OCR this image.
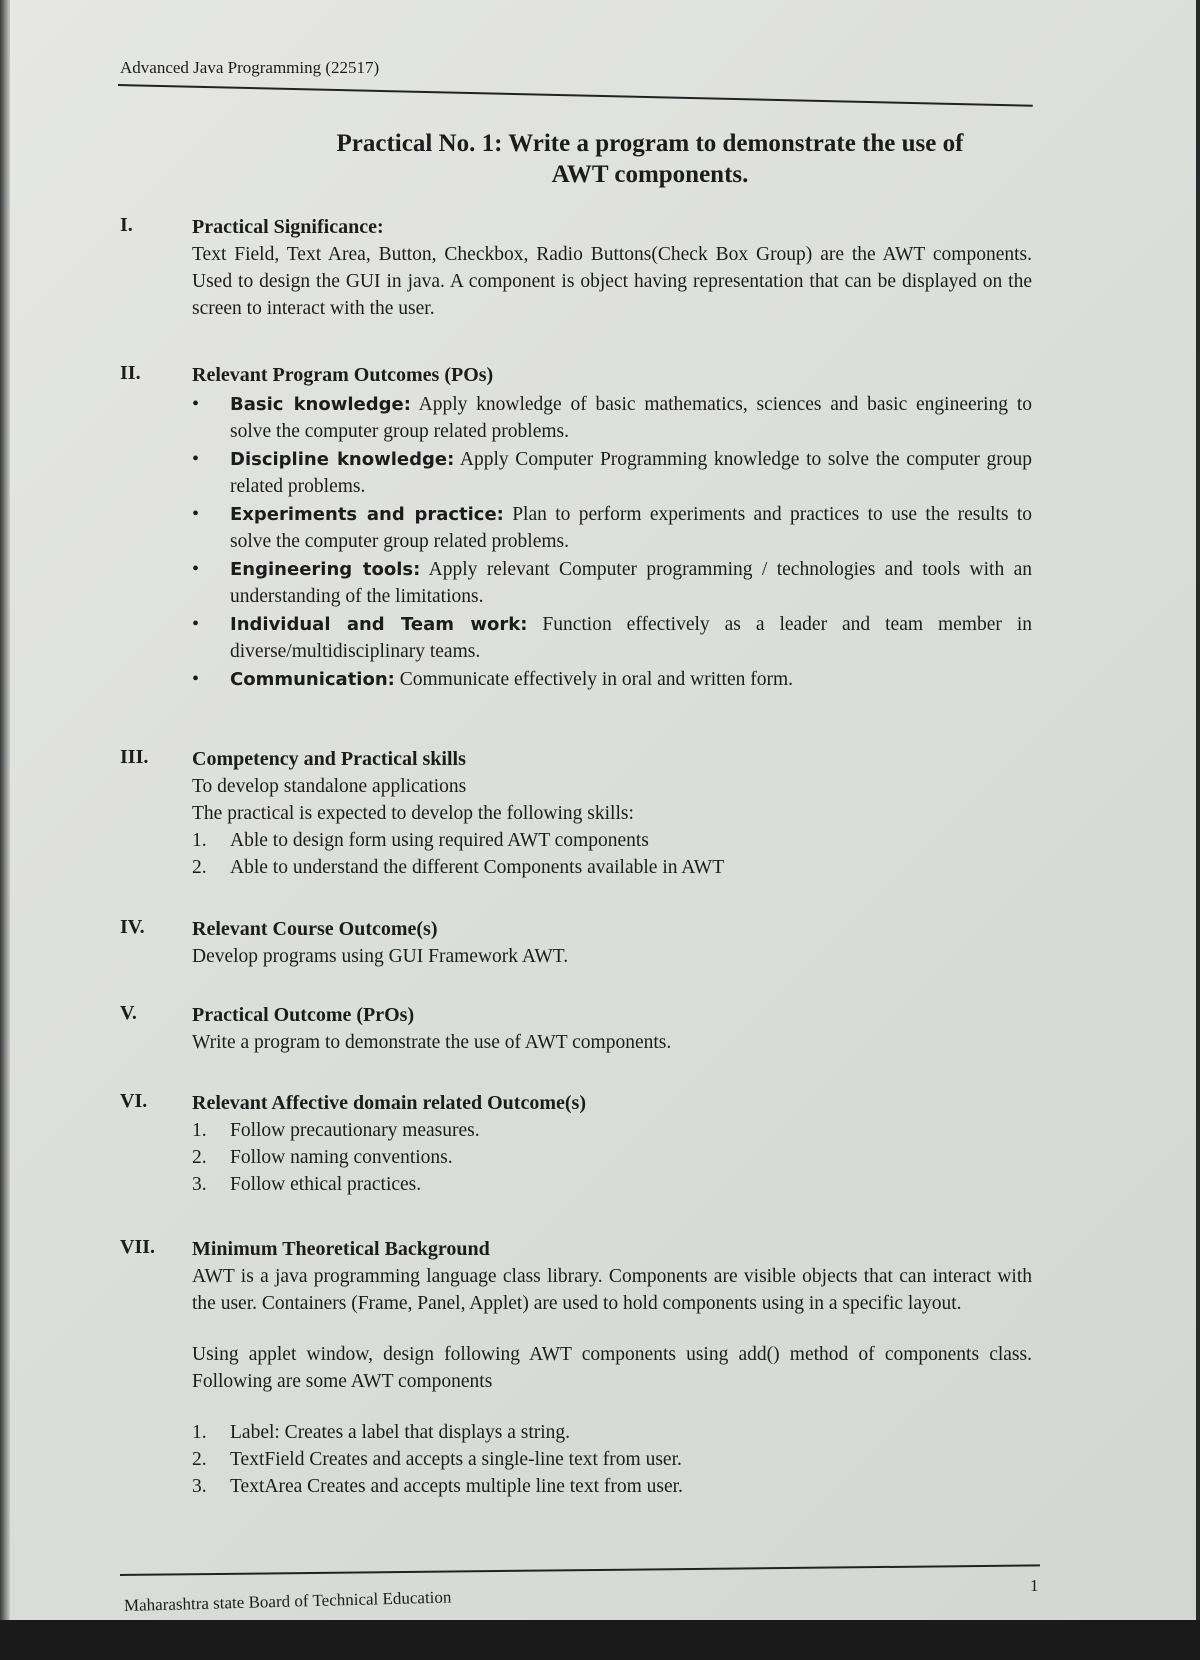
Advanced Java Programming (22517)
Practical No. 1: Write a program to demonstrate the use of
AWT components.
I.	Practical Significance:
Text Field, Text Area, Button, Checkbox, Radio Buttons(Check Box Group) are the AWT components. Used to design the GUI in java. A component is object having representation that can be displayed on the screen to interact with the user.
II.	Relevant Program Outcomes (POs)
• Basic knowledge: Apply knowledge of basic mathematics, sciences and basic engineering to solve the computer group related problems.
• Discipline knowledge: Apply Computer Programming knowledge to solve the computer group related problems.
• Experiments and practice: Plan to perform experiments and practices to use the results to solve the computer group related problems.
• Engineering tools: Apply relevant Computer programming / technologies and tools with an understanding of the limitations.
• Individual and Team work: Function effectively as a leader and team member in diverse/multidisciplinary teams.
• Communication: Communicate effectively in oral and written form.
III.	Competency and Practical skills
To develop standalone applications
The practical is expected to develop the following skills:
1. Able to design form using required AWT components
2. Able to understand the different Components available in AWT
IV.	Relevant Course Outcome(s)
Develop programs using GUI Framework AWT.
V.	Practical Outcome (PrOs)
Write a program to demonstrate the use of AWT components.
VI.	Relevant Affective domain related Outcome(s)
1. Follow precautionary measures.
2. Follow naming conventions.
3. Follow ethical practices.
VII.	Minimum Theoretical Background
AWT is a java programming language class library. Components are visible objects that can interact with the user. Containers (Frame, Panel, Applet) are used to hold components using in a specific layout.
Using applet window, design following AWT components using add() method of components class. Following are some AWT components
1. Label: Creates a label that displays a string.
2. TextField Creates and accepts a single-line text from user.
3. TextArea Creates and accepts multiple line text from user.
Maharashtra state Board of Technical Education
1
